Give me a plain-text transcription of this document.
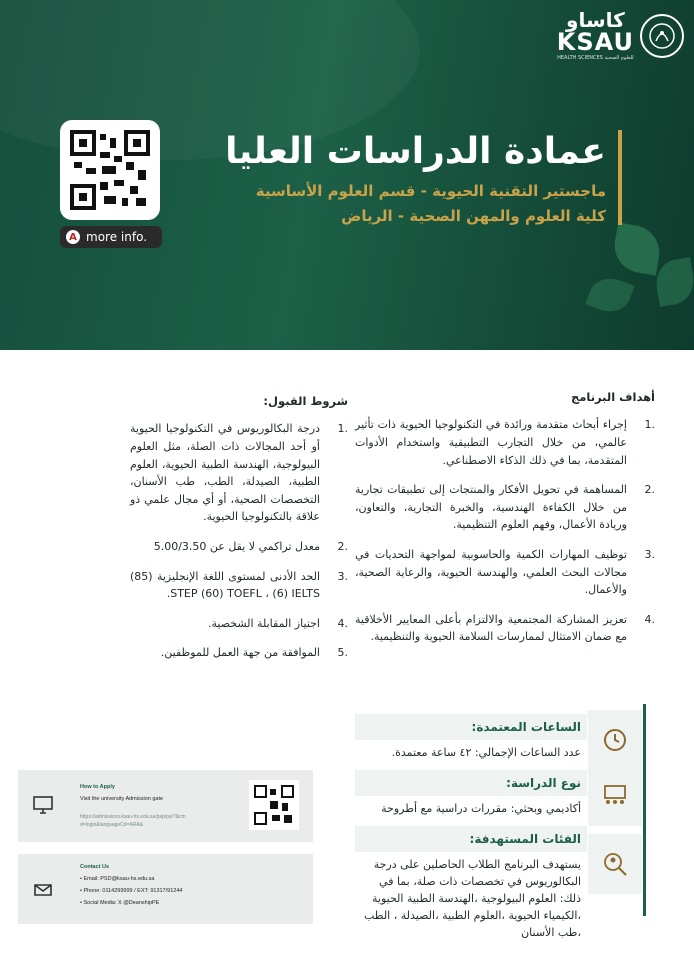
كاساو
KSAU
HEALTH SCIENCES للعلوم الصحية
عمادة الدراسات العليا
ماجستير التقنية الحيوية - قسم العلوم الأساسية
كلية العلوم والمهن الصحية - الرياض
A more info.
أهداف البرنامج
.1
إجراء أبحاث متقدمة ورائدة في التكنولوجيا الحيوية ذات تأثير عالمي، من خلال التجارب التطبيقية واستخدام الأدوات المتقدمة، بما في ذلك الذكاء الاصطناعي.
.2
المساهمة في تحويل الأفكار والمنتجات إلى تطبيقات تجارية من خلال الكفاءة الهندسية، والخبرة التجارية، والتعاون، وريادة الأعمال، وفهم العلوم التنظيمية.
.3
توظيف المهارات الكمية والحاسوبية لمواجهة التحديات في مجالات البحث العلمي، والهندسة الحيوية، والرعاية الصحية، والأعمال.
.4
تعزيز المشاركة المجتمعية والالتزام بأعلى المعايير الأخلاقية مع ضمان الامتثال لممارسات السلامة الحيوية والتنظيمية.
شروط القبول:
.1
درجة البكالوريوس في التكنولوجيا الحيوية أو أحد المجالات ذات الصلة، مثل العلوم البيولوجية، الهندسة الطبية الحيوية، العلوم الطبية، الصيدلة، الطب، طب الأسنان، التخصصات الصحية، أو أي مجال علمي ذو علاقة بالتكنولوجيا الحيوية.
.2
معدل تراكمي لا يقل عن 5.00/3.50
.3
الحد الأدنى لمستوى اللغة الإنجليزية (85) STEP (60) TOEFL ، (6) IELTS.
.4
اجتياز المقابلة الشخصية.
.5
الموافقة من جهة العمل للموظفين.
الساعات المعتمدة:
عدد الساعات الإجمالي: ٤٢ ساعة معتمدة.
نوع الدراسة:
أكاديمي وبحثي: مقررات دراسية مع أطروحة
الفئات المستهدفة:
يستهدف البرنامج الطلاب الحاصلين على درجة البكالوريوس في تخصصات ذات صلة، بما في ذلك: العلوم البيولوجية ،الهندسة الطبية الحيوية ،الكيمياء الحيوية ،العلوم الطبية ،الصيدلة ، الطب ،طب الأسنان
How to Apply
Visit the university Admission gate
https://admissions.ksau-hs.edu.sa/psp/ps/?&cm
d=login&languageCd=ARA&
Contact Us
• Email: PSD@ksau-hs.edu.sa
• Phone: 0114299999 / EXT: 91317/91244
• Social Media: X @DeanshipPE
